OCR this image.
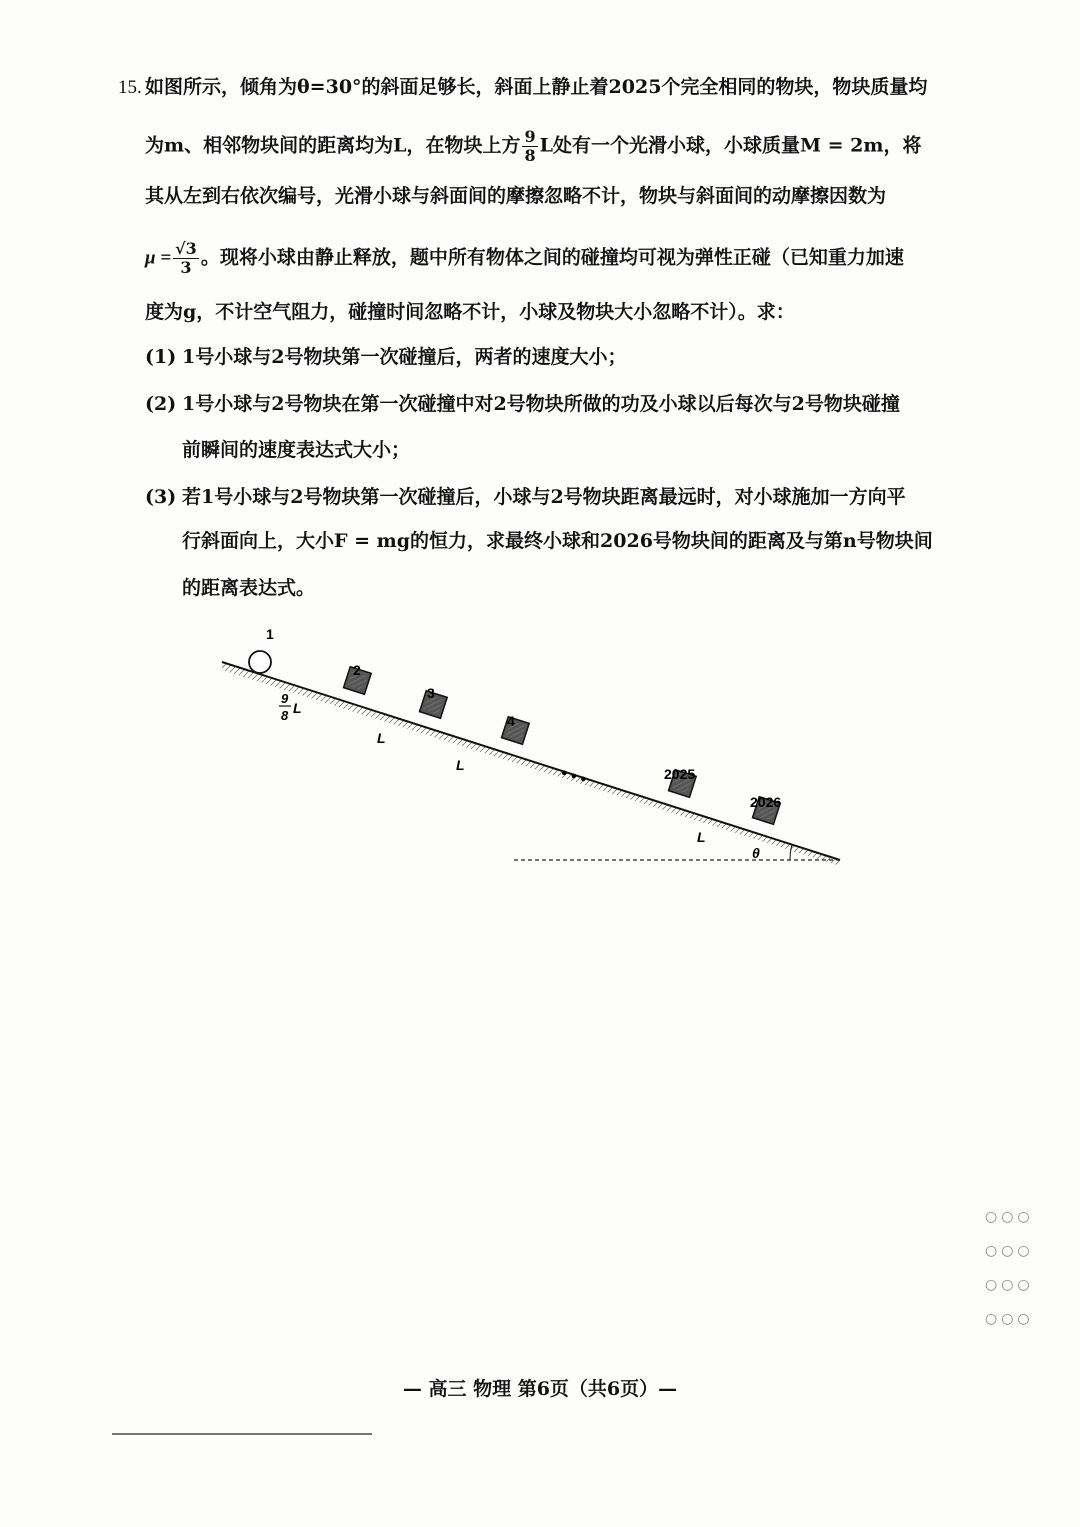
15. 如图所示，倾角为θ=30°的斜面足够长，斜面上静止着2025个完全相同的物块，物块质量均
为m、相邻物块间的距离均为L，在物块上方 $\frac{9}{8}$ L处有一个光滑小球，小球质量M = 2m，将
其从左到右依次编号，光滑小球与斜面间的摩擦忽略不计，物块与斜面间的动摩擦因数为
$\mu = \frac{√3}{3}$ 。现将小球由静止释放，题中所有物体之间的碰撞均可视为弹性正碰（已知重力加速
度为g，不计空气阻力，碰撞时间忽略不计，小球及物块大小忽略不计）。求：
(1) 1号小球与2号物块第一次碰撞后，两者的速度大小；
(2) 1号小球与2号物块在第一次碰撞中对2号物块所做的功及小球以后每次与2号物块碰撞
前瞬间的速度表达式大小；
(3) 若1号小球与2号物块第一次碰撞后，小球与2号物块距离最远时，对小球施加一方向平
行斜面向上，大小F = mg的恒力，求最终小球和2026号物块间的距离及与第n号物块间
的距离表达式。
1
2
3
4
• • •	2025
2026
9
8 L
L
L
L
θ
○○○
○○○
○○○
○○○
— 高三 物理 第6页（共6页）—
